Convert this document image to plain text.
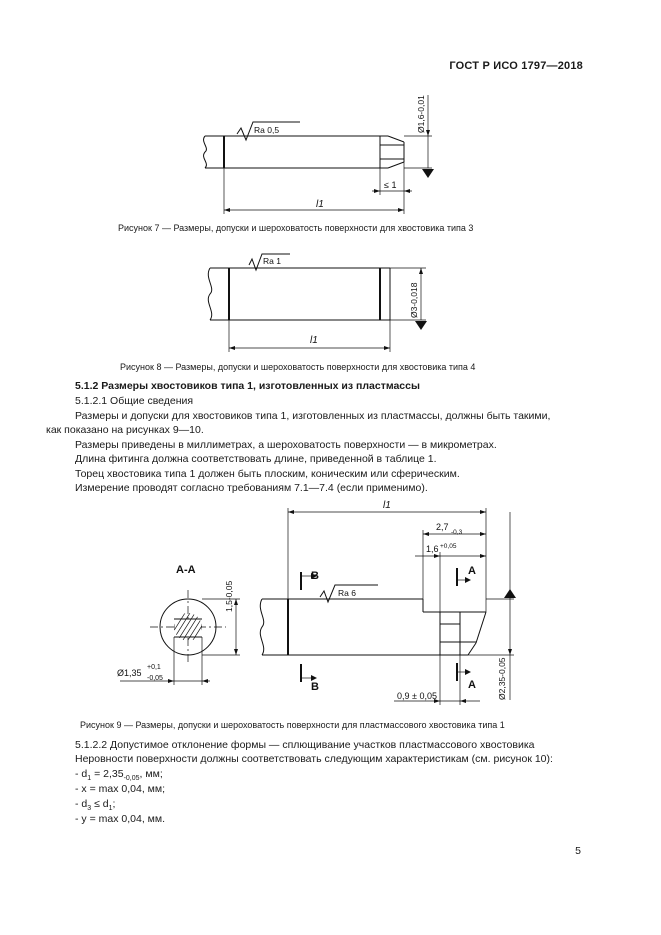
ГОСТ Р ИСО 1797—2018
l1
≤ 1
Ra 0,5	Ø1,6-0,01
Рисунок 7 — Размеры, допуски и шероховатость поверхности для хвостовика типа 3
l1
Ra 1
Ø3-0,018
Рисунок 8 — Размеры, допуски и шероховатость поверхности для хвостовика типа 4
5.1.2 Размеры хвостовиков типа 1, изготовленных из пластмассы
5.1.2.1 Общие сведения
Размеры и допуски для хвостовиков типа 1, изготовленных из пластмассы, должны быть такими,
как показано на рисунках 9—10.
Размеры приведены в миллиметрах, а шероховатость поверхности — в микрометрах.
Длина фитинга должна соответствовать длине, приведенной в таблице 1.
Торец хвостовика типа 1 должен быть плоским, коническим или сферическим.
Измерение проводят согласно требованиям 7.1—7.4 (если применимо).
A-A
1,5-0,05
Ø1,35
+0,1
-0,05
Ra 6
B
B
A
A
l1
2,7
-0,3
1,6 +0,05
0,9 ± 0,05	Ø2,35-0,05
Рисунок 9 — Размеры, допуски и шероховатость поверхности для пластмассового хвостовика типа 1
5.1.2.2 Допустимое отклонение формы — сплющивание участков пластмассового хвостовика
Неровности поверхности должны соответствовать следующим характеристикам (см. рисунок 10):
- $d_1 = 2,35_{-0,05}$, мм;
- x = max 0,04, мм;
- $d_3 \le d_1$;
- y = max 0,04, мм.
5
